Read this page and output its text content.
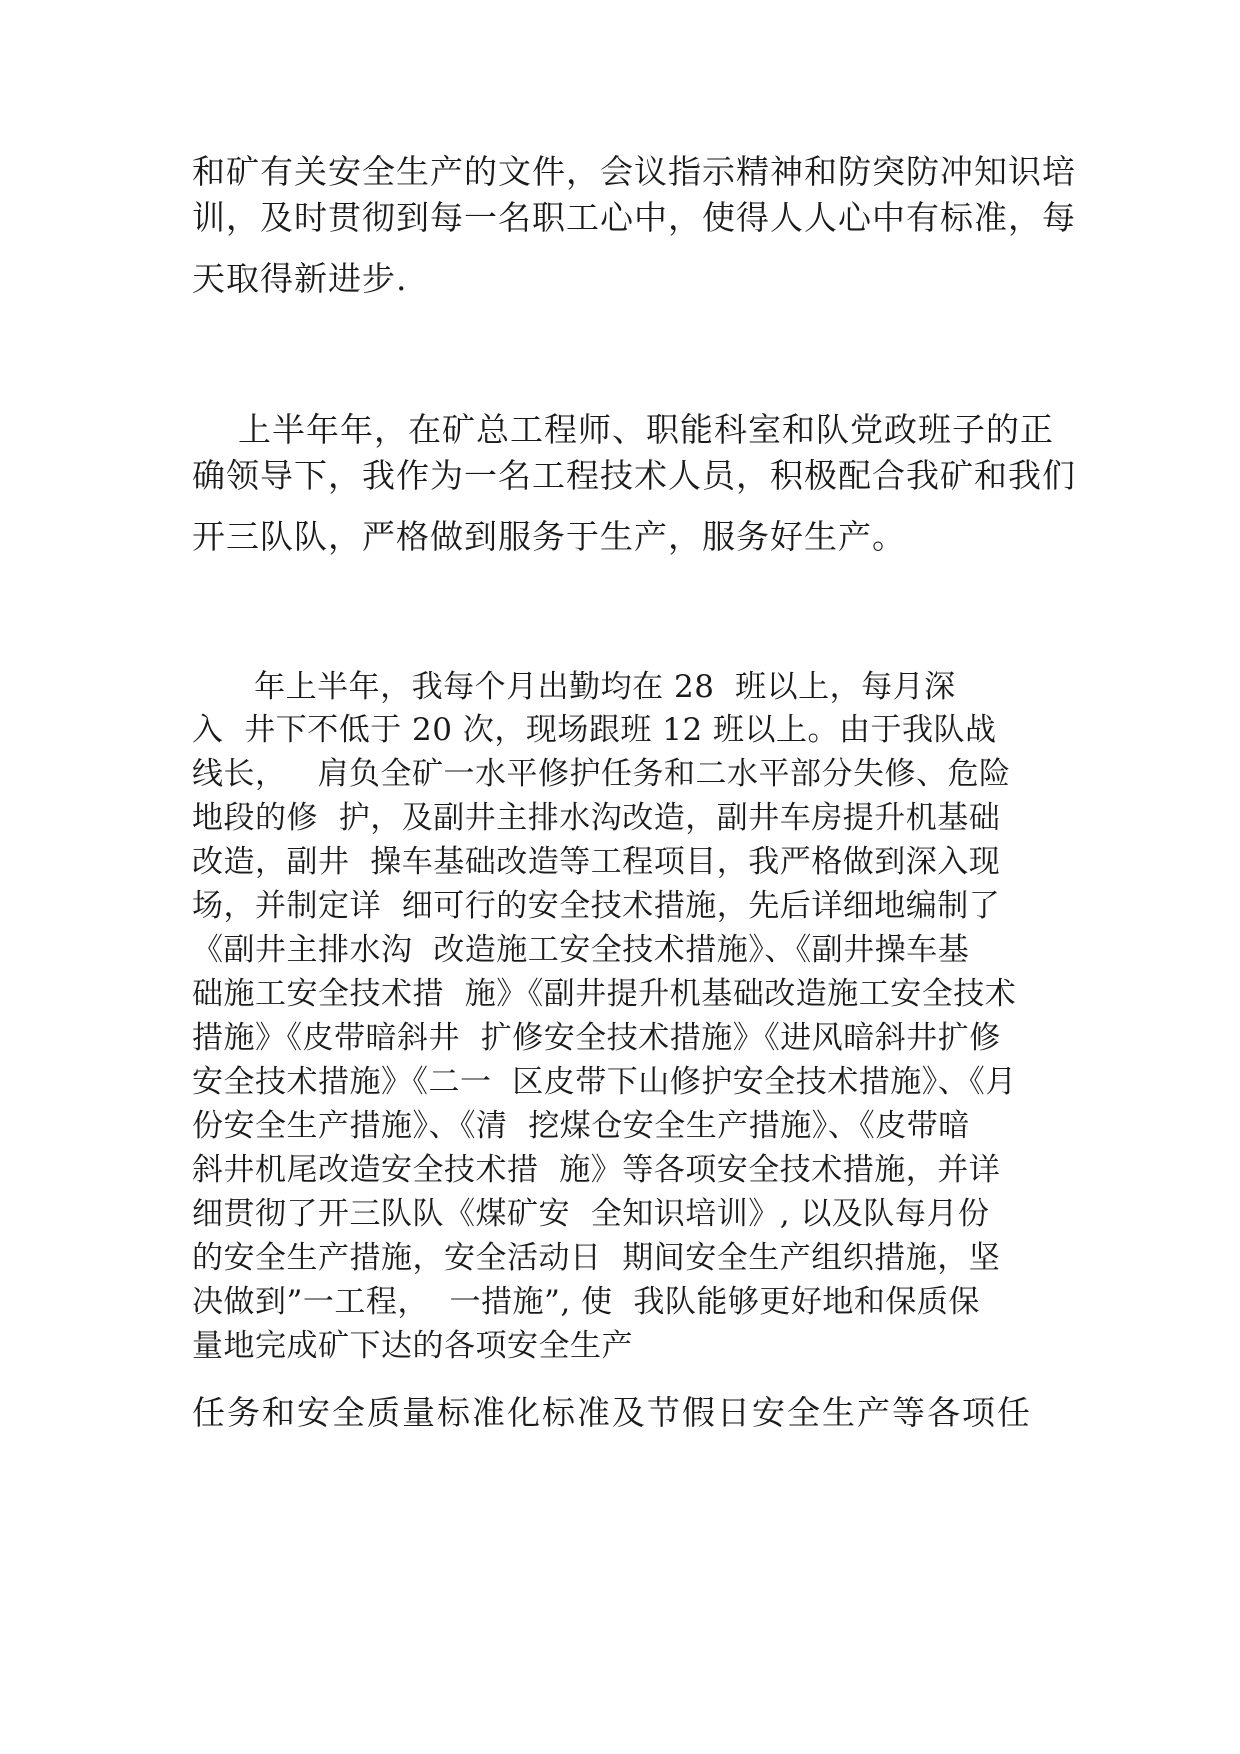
和矿有关安全生产的文件，会议指示精神和防突防冲知识培
训，及时贯彻到每一名职工心中，使得人人心中有标准，每
天取得新进步.
上半年年，在矿总工程师、职能科室和队党政班子的正
确领导下，我作为一名工程技术人员，积极配合我矿和我们
开三队队，严格做到服务于生产，服务好生产。
年上半年，我每个月出勤均在 28  班以上，每月深
入  井下不低于 20 次，现场跟班 12 班以上。由于我队战
线长，   肩负全矿一水平修护任务和二水平部分失修、危险
地段的修  护，及副井主排水沟改造，副井车房提升机基础
改造，副井  操车基础改造等工程项目，我严格做到深入现
场，并制定详  细可行的安全技术措施，先后详细地编制了
《副井主排水沟  改造施工安全技术措施》、《副井操车基
础施工安全技术措  施》《副井提升机基础改造施工安全技术
措施》《皮带暗斜井  扩修安全技术措施》《进风暗斜井扩修
安全技术措施》《二一  区皮带下山修护安全技术措施》、《月
份安全生产措施》、《清  挖煤仓安全生产措施》、《皮带暗
斜井机尾改造安全技术措  施》等各项安全技术措施，并详
细贯彻了开三队队《煤矿安  全知识培训》, 以及队每月份
的安全生产措施，安全活动日  期间安全生产组织措施，坚
决做到”一工程，  一措施”, 使  我队能够更好地和保质保
量地完成矿下达的各项安全生产
任务和安全质量标准化标准及节假日安全生产等各项任
